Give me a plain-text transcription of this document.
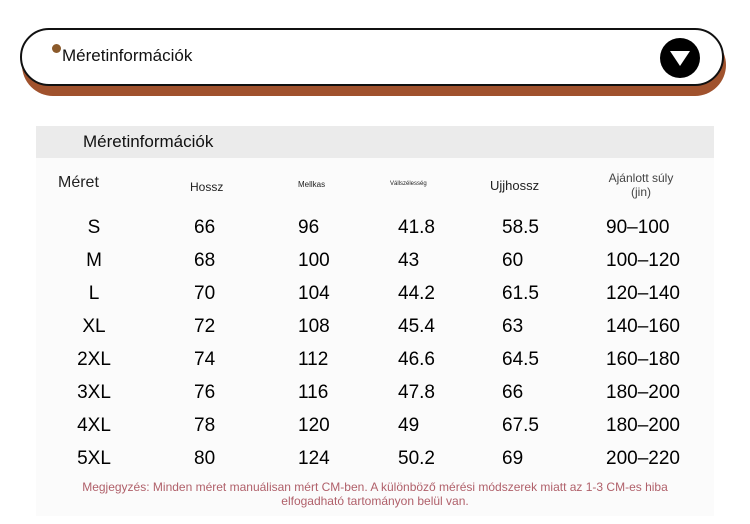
Méretinformációk
Méretinformációk
Méret	Hossz	Mellkas	Vállszélesség	Ujjhossz	Ajánlott súly
(jin)
S	66	96	41.8	58.5	90–100
M	68	100	43	60	100–120
L	70	104	44.2	61.5	120–140
XL	72	108	45.4	63	140–160
2XL	74	112	46.6	64.5	160–180
3XL	76	116	47.8	66	180–200
4XL	78	120	49	67.5	180–200
5XL	80	124	50.2	69	200–220
Megjegyzés: Minden méret manuálisan mért CM-ben. A különböző mérési módszerek miatt az 1-3 CM-es hiba
elfogadható tartományon belül van.
